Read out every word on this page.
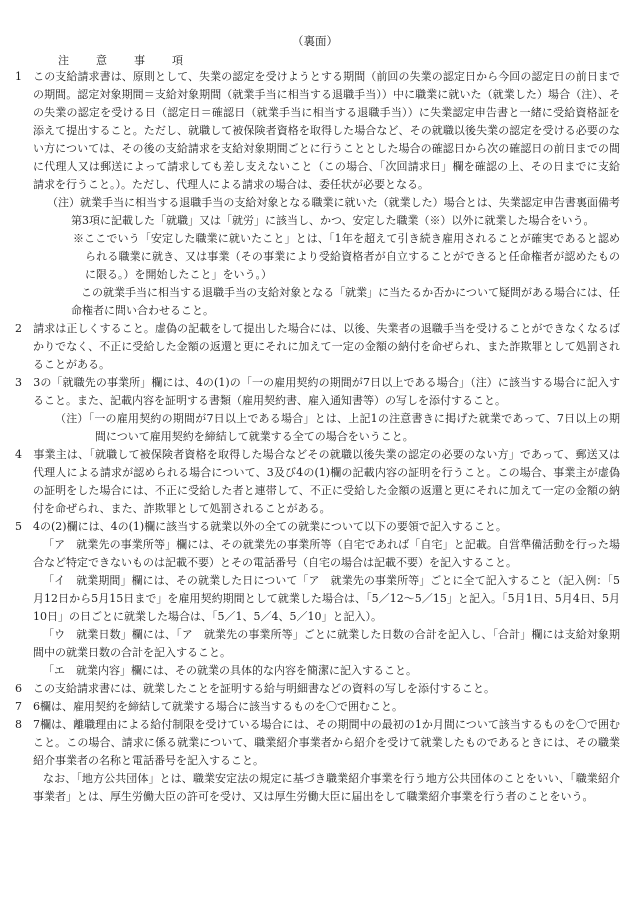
（裏面）
注　意　事　項

1　この支給請求書は、原則として、失業の認定を受けようとする期間（前回の失業の認定日から今回の認定日の前日までの期間。認定対象期間＝支給対象期間（就業手当に相当する退職手当））中に職業に就いた（就業した）場合（注）、その失業の認定を受ける日（認定日＝確認日（就業手当に相当する退職手当））に失業認定申告書と一緒に受給資格証を添えて提出すること。ただし、就職して被保険者資格を取得した場合など、その就職以後失業の認定を受ける必要のない方については、その後の支給請求を支給対象期間ごとに行うこととした場合の確認日から次の確認日の前日までの間に代理人又は郵送によって請求しても差し支えないこと（この場合、「次回請求日」欄を確認の上、その日までに支給請求を行うこと。）。ただし、代理人による請求の場合は、委任状が必要となる。

（注）就業手当に相当する退職手当の支給対象となる職業に就いた（就業した）場合とは、失業認定申告書裏面備考第3項に記載した「就職」又は「就労」に該当し、かつ、安定した職業（※）以外に就業した場合をいう。

※ここでいう「安定した職業に就いたこと」とは、「1年を超えて引き続き雇用されることが確実であると認められる職業に就き、又は事業（その事業により受給資格者が自立することができると任命権者が認めたものに限る。）を開始したこと」をいう。）

この就業手当に相当する退職手当の支給対象となる「就業」に当たるか否かについて疑問がある場合には、任命権者に問い合わせること。

2　請求は正しくすること。虚偽の記載をして提出した場合には、以後、失業者の退職手当を受けることができなくなるばかりでなく、不正に受給した金額の返還と更にそれに加えて一定の金額の納付を命ぜられ、また詐欺罪として処罰されることがある。

3　3の「就職先の事業所」欄には、4の(1)の「一の雇用契約の期間が7日以上である場合」（注）に該当する場合に記入すること。また、記載内容を証明する書類（雇用契約書、雇入通知書等）の写しを添付すること。

（注）「一の雇用契約の期間が7日以上である場合」とは、上記1の注意書きに掲げた就業であって、7日以上の期間について雇用契約を締結して就業する全ての場合をいうこと。

4　事業主は、「就職して被保険者資格を取得した場合などその就職以後失業の認定の必要のない方」であって、郵送又は代理人による請求が認められる場合について、3及び4の(1)欄の記載内容の証明を行うこと。この場合、事業主が虚偽の証明をした場合には、不正に受給した者と連帯して、不正に受給した金額の返還と更にそれに加えて一定の金額の納付を命ぜられ、また、詐欺罪として処罰されることがある。

5　4の(2)欄には、4の(1)欄に該当する就業以外の全ての就業について以下の要領で記入すること。

「ア　就業先の事業所等」欄には、その就業先の事業所等（自宅であれば「自宅」と記載。自営準備活動を行った場合など特定できないものは記載不要）とその電話番号（自宅の場合は記載不要）を記入すること。

「イ　就業期間」欄には、その就業した日について「ア　就業先の事業所等」ごとに全て記入すること（記入例：「5月12日から5月15日まで」を雇用契約期間として就業した場合は、「5／12～5／15」と記入。「5月1日、5月4日、5月10日」の日ごとに就業した場合は、「5／1、5／4、5／10」と記入）。

「ウ　就業日数」欄には、「ア　就業先の事業所等」ごとに就業した日数の合計を記入し、「合計」欄には支給対象期間中の就業日数の合計を記入すること。

「エ　就業内容」欄には、その就業の具体的な内容を簡潔に記入すること。

6　この支給請求書には、就業したことを証明する給与明細書などの資料の写しを添付すること。

7　6欄は、雇用契約を締結して就業する場合に該当するものを〇で囲むこと。

8　7欄は、離職理由による給付制限を受けている場合には、その期間中の最初の1か月間について該当するものを〇で囲むこと。この場合、請求に係る就業について、職業紹介事業者から紹介を受けて就業したものであるときには、その職業紹介事業者の名称と電話番号を記入すること。

なお、「地方公共団体」とは、職業安定法の規定に基づき職業紹介事業を行う地方公共団体のことをいい、「職業紹介事業者」とは、厚生労働大臣の許可を受け、又は厚生労働大臣に届出をして職業紹介事業を行う者のことをいう。
